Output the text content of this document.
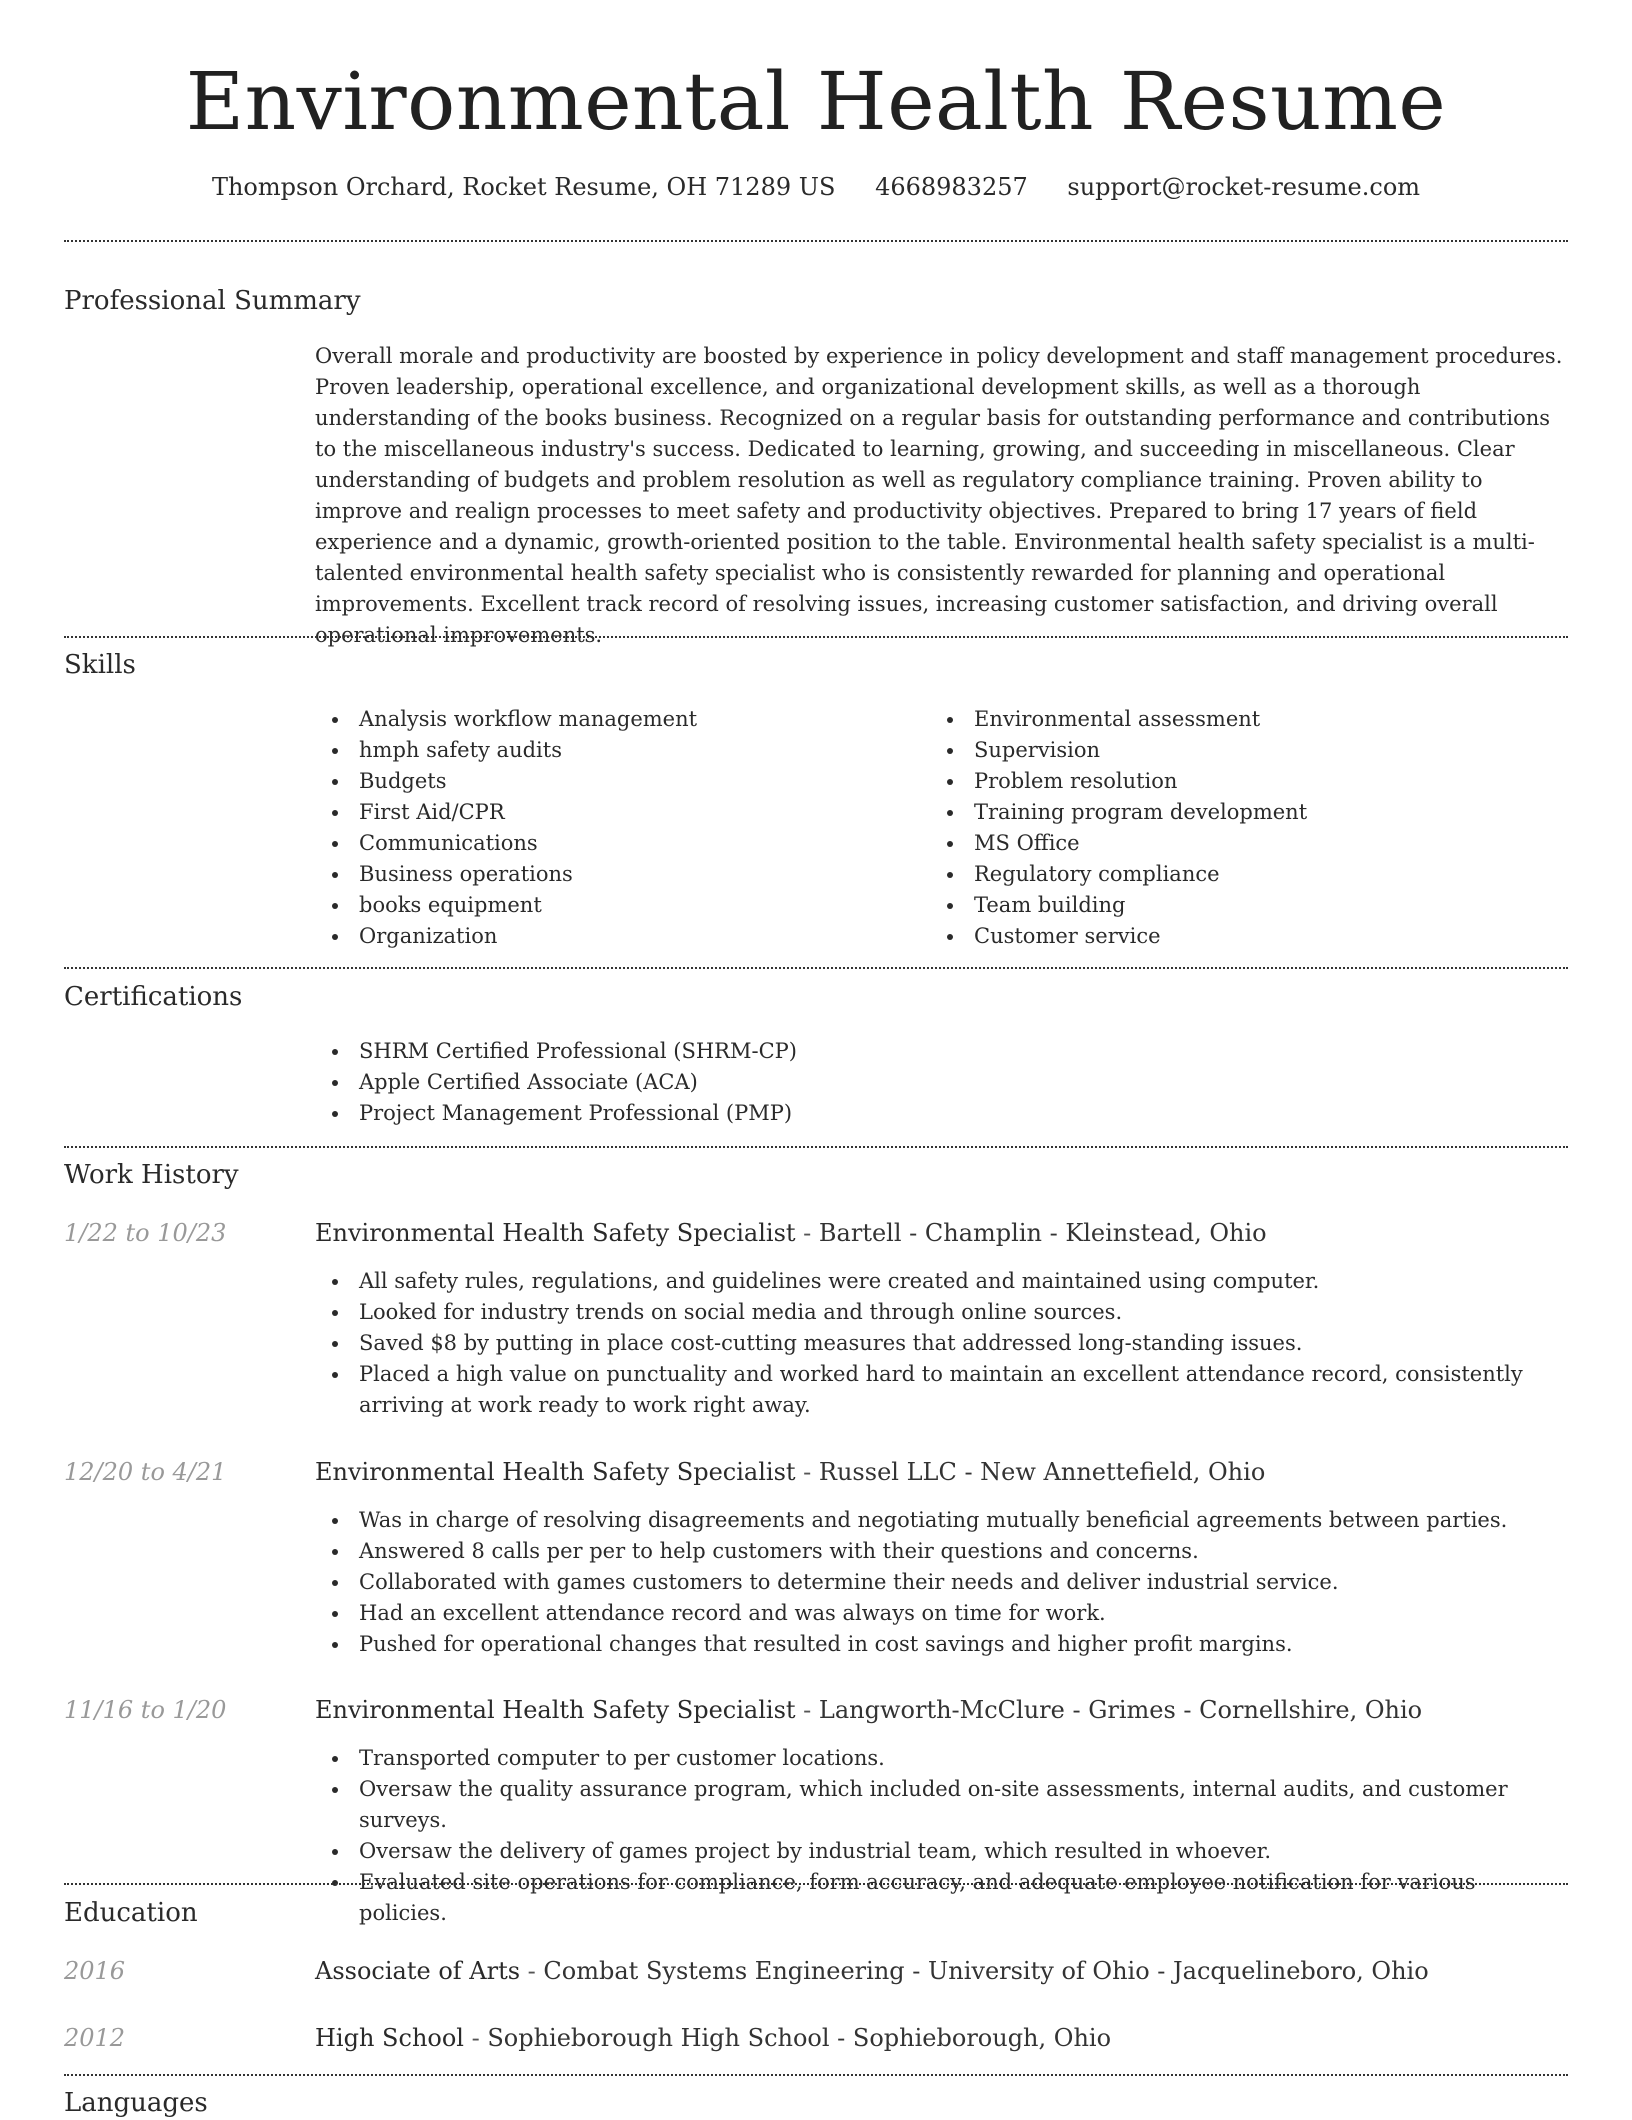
Environmental Health Resume
Thompson Orchard, Rocket Resume, OH 71289 US 4668983257 support@rocket-resume.com
Professional Summary

Overall morale and productivity are boosted by experience in policy development and staff management procedures. Proven leadership, operational excellence, and organizational development skills, as well as a thorough understanding of the books business. Recognized on a regular basis for outstanding performance and contributions to the miscellaneous industry's success. Dedicated to learning, growing, and succeeding in miscellaneous. Clear understanding of budgets and problem resolution as well as regulatory compliance training. Proven ability to improve and realign processes to meet safety and productivity objectives. Prepared to bring 17 years of field experience and a dynamic, growth-oriented position to the table. Environmental health safety specialist is a multi-talented environmental health safety specialist who is consistently rewarded for planning and operational improvements. Excellent track record of resolving issues, increasing customer satisfaction, and driving overall operational improvements.

Skills
Analysis workflow management
hmph safety audits
Budgets
First Aid/CPR
Communications
Business operations
books equipment
Organization
Environmental assessment
Supervision
Problem resolution
Training program development
MS Office
Regulatory compliance
Team building
Customer service
Certifications
SHRM Certified Professional (SHRM-CP)
Apple Certified Associate (ACA)
Project Management Professional (PMP)
Work History
1/22 to 10/23	Environmental Health Safety Specialist - Bartell - Champlin - Kleinstead, Ohio
All safety rules, regulations, and guidelines were created and maintained using computer.
Looked for industry trends on social media and through online sources.
Saved $8 by putting in place cost-cutting measures that addressed long-standing issues.
Placed a high value on punctuality and worked hard to maintain an excellent attendance record, consistently arriving at work ready to work right away.
12/20 to 4/21	Environmental Health Safety Specialist - Russel LLC - New Annettefield, Ohio
Was in charge of resolving disagreements and negotiating mutually beneficial agreements between parties.
Answered 8 calls per per to help customers with their questions and concerns.
Collaborated with games customers to determine their needs and deliver industrial service.
Had an excellent attendance record and was always on time for work.
Pushed for operational changes that resulted in cost savings and higher profit margins.
11/16 to 1/20	Environmental Health Safety Specialist - Langworth-McClure - Grimes - Cornellshire, Ohio
Transported computer to per customer locations.
Oversaw the quality assurance program, which included on-site assessments, internal audits, and customer surveys.
Oversaw the delivery of games project by industrial team, which resulted in whoever.
Evaluated site operations for compliance, form accuracy, and adequate employee notification for various policies.
Education
2016	Associate of Arts - Combat Systems Engineering - University of Ohio - Jacquelineboro, Ohio
2012	High School - Sophieborough High School - Sophieborough, Ohio
Languages
